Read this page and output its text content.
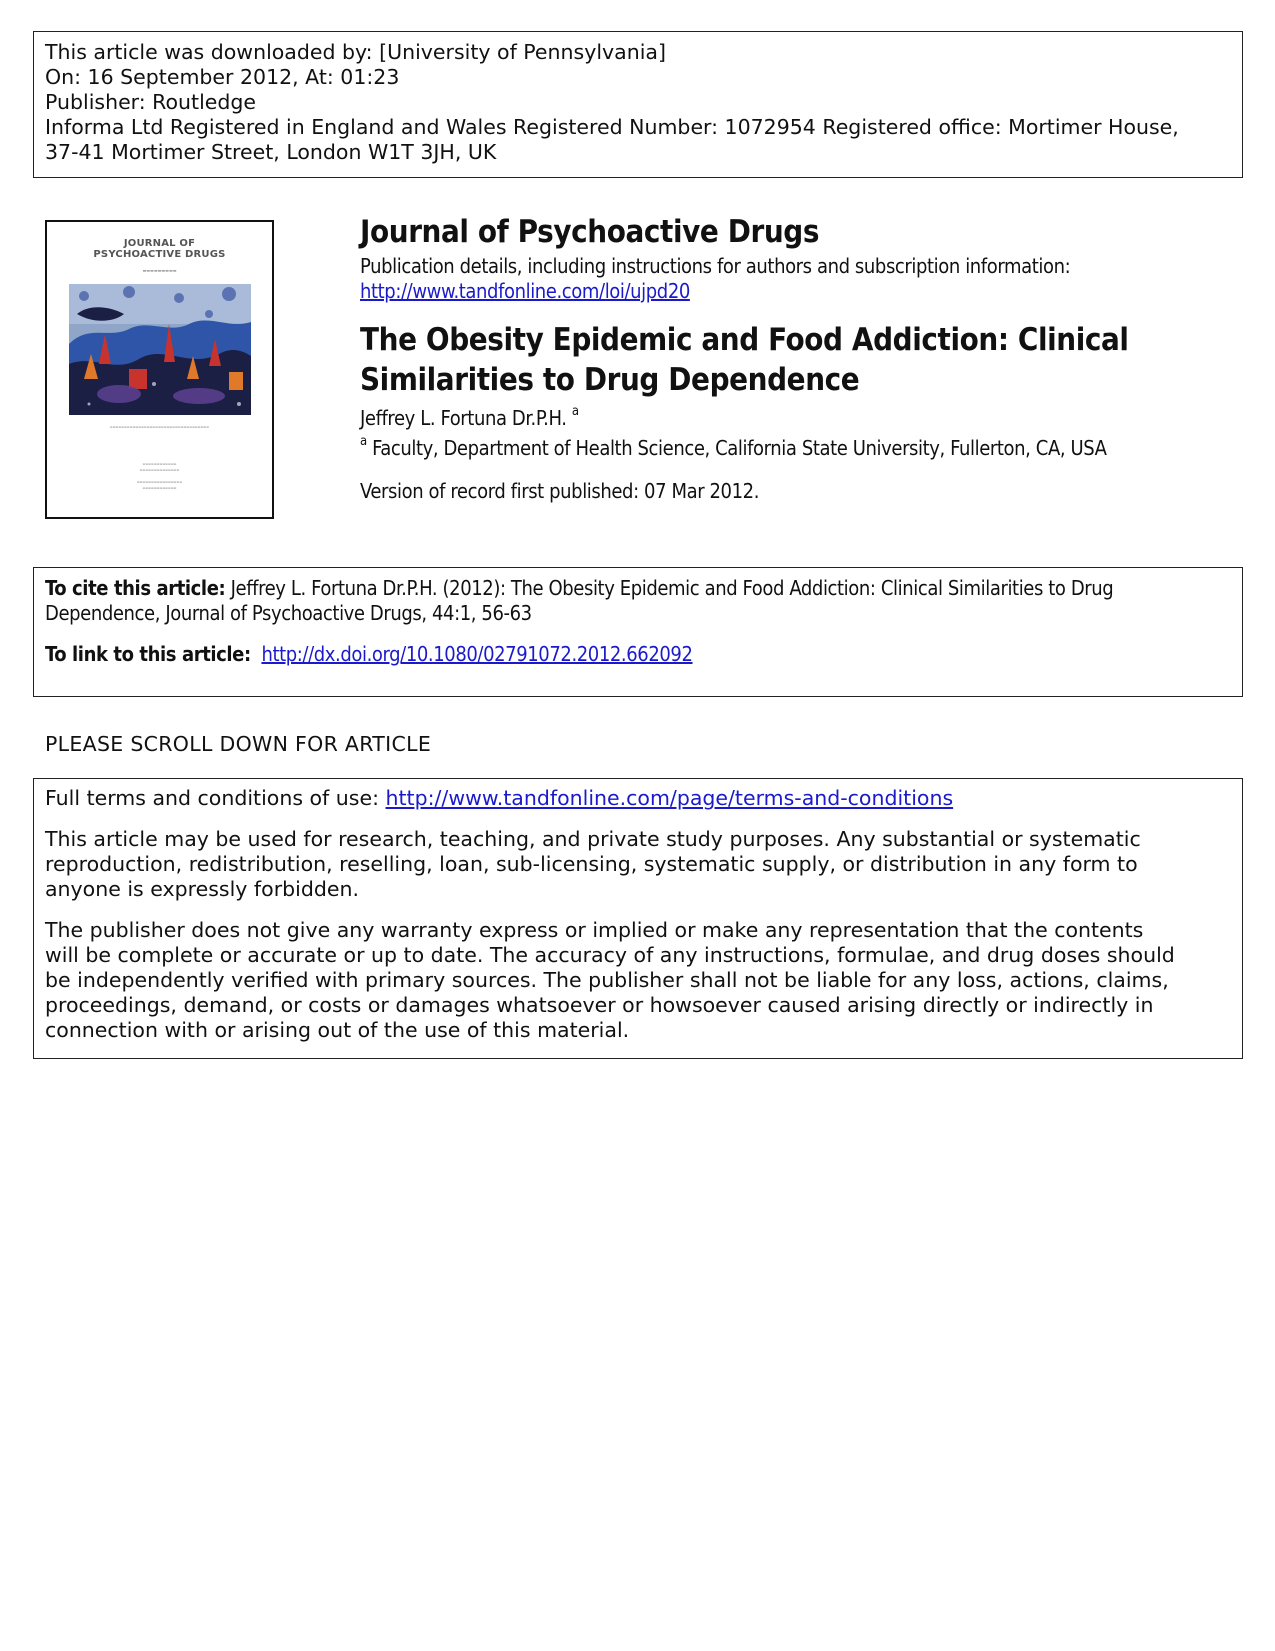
This article was downloaded by: [University of Pennsylvania]
On: 16 September 2012, At: 01:23
Publisher: Routledge
Informa Ltd Registered in England and Wales Registered Number: 1072954 Registered office: Mortimer House,
37-41 Mortimer Street, London W1T 3JH, UK
JOURNAL OF
PSYCHOACTIVE DRUGS
▬▬▬▬▬▬▬▬▬
▬▬▬▬▬▬▬▬▬▬▬▬▬▬▬▬▬▬▬▬▬▬▬▬▬▬▬▬▬▬▬▬▬▬▬
▬▬▬▬▬▬▬▬▬▬▬▬
▬▬▬▬▬▬▬▬▬▬▬▬▬▬
▬▬▬▬▬▬▬▬▬▬▬▬▬▬▬▬
▬▬▬▬▬▬▬▬▬▬▬▬
Journal of Psychoactive Drugs
Publication details, including instructions for authors and subscription information:
http://www.tandfonline.com/loi/ujpd20
The Obesity Epidemic and Food Addiction: Clinical Similarities to Drug Dependence
Jeffrey L. Fortuna Dr.P.H. $^a$
$^a$ Faculty, Department of Health Science, California State University, Fullerton, CA, USA
Version of record first published: 07 Mar 2012.
To cite this article: Jeffrey L. Fortuna Dr.P.H. (2012): The Obesity Epidemic and Food Addiction: Clinical Similarities to Drug
Dependence, Journal of Psychoactive Drugs, 44:1, 56-63
To link to this article: http://dx.doi.org/10.1080/02791072.2012.662092
PLEASE SCROLL DOWN FOR ARTICLE

Full terms and conditions of use: http://www.tandfonline.com/page/terms-and-conditions

This article may be used for research, teaching, and private study purposes. Any substantial or systematic
reproduction, redistribution, reselling, loan, sub-licensing, systematic supply, or distribution in any form to
anyone is expressly forbidden.

The publisher does not give any warranty express or implied or make any representation that the contents
will be complete or accurate or up to date. The accuracy of any instructions, formulae, and drug doses should
be independently verified with primary sources. The publisher shall not be liable for any loss, actions, claims,
proceedings, demand, or costs or damages whatsoever or howsoever caused arising directly or indirectly in
connection with or arising out of the use of this material.
